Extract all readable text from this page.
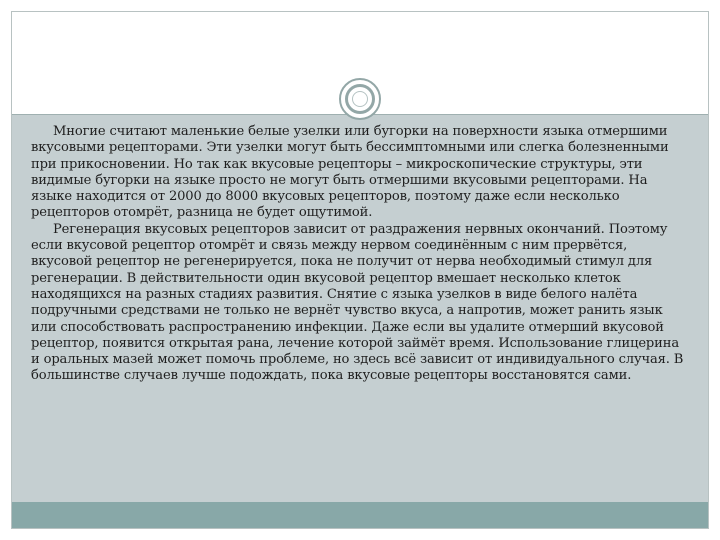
Многие считают маленькие белые узелки или бугорки на поверхности языка отмершими вкусовыми рецепторами. Эти узелки могут быть бессимптомными или слегка болезненными при прикосновении. Но так как вкусовые рецепторы – микроскопические структуры, эти видимые бугорки на языке просто не могут быть отмершими вкусовыми рецепторами. На языке находится от 2000 до 8000 вкусовых рецепторов, поэтому даже если несколько рецепторов отомрёт, разница не будет ощутимой.

Регенерация вкусовых рецепторов зависит от раздражения нервных окончаний. Поэтому если вкусовой рецептор отомрёт и связь между нервом соединённым с ним прервётся, вкусовой рецептор не регенерируется, пока не получит от нерва необходимый стимул для регенерации. В действительности один вкусовой рецептор вмешает несколько клеток находящихся на разных стадиях развития. Снятие с языка узелков в виде белого налёта подручными средствами не только не вернёт чувство вкуса, а напротив, может ранить язык или способствовать распространению инфекции. Даже если вы удалите отмерший вкусовой рецептор, появится открытая рана, лечение которой займёт время. Использование глицерина и оральных мазей может помочь проблеме, но здесь всё зависит от индивидуального случая. В большинстве случаев лучше подождать, пока вкусовые рецепторы восстановятся сами.
